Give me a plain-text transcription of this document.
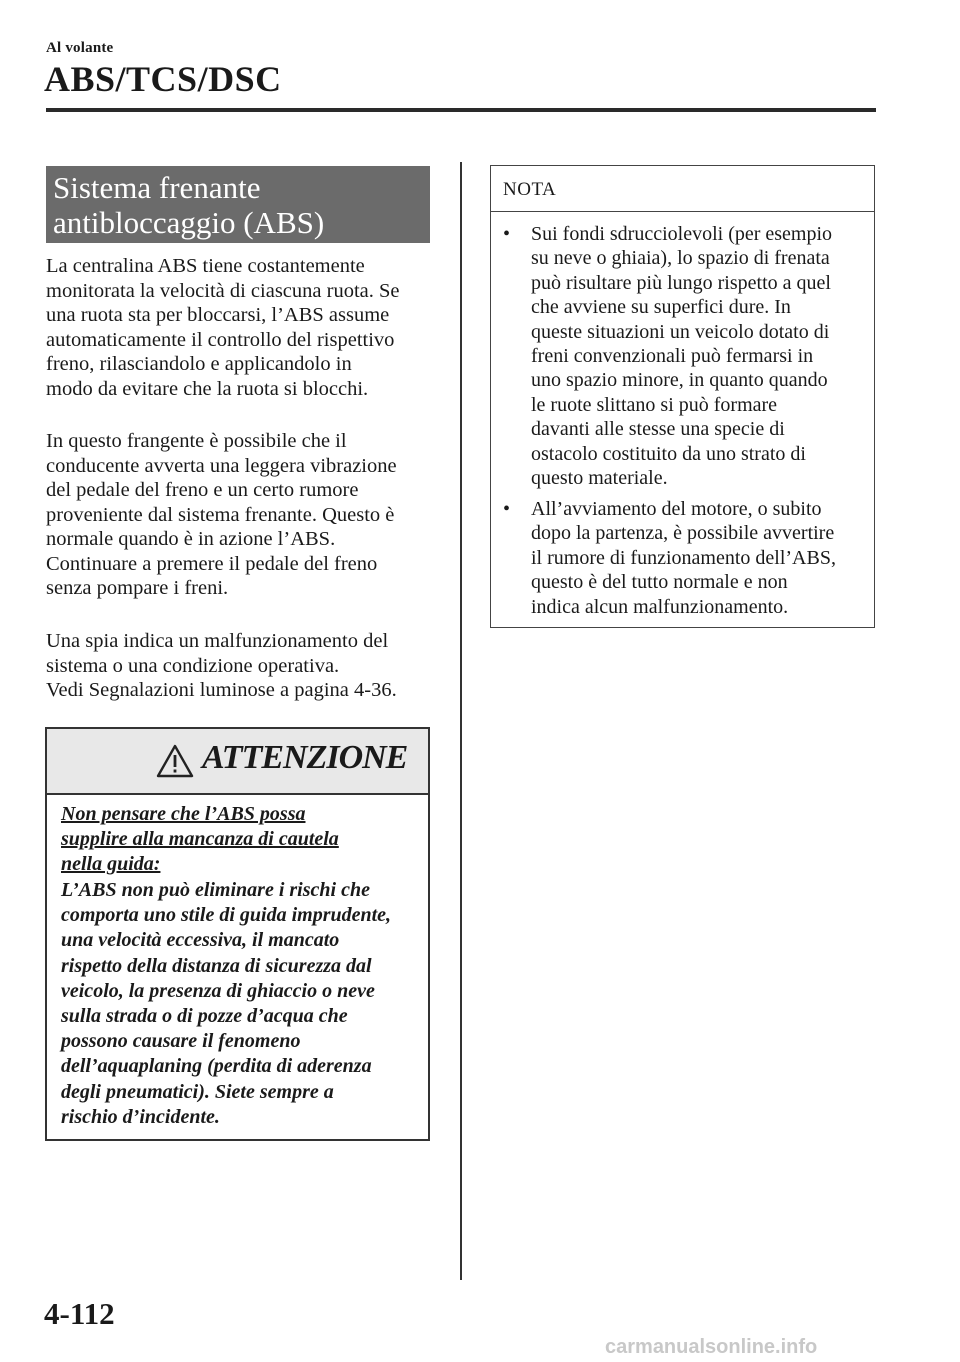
Al volante
ABS/TCS/DSC
Sistema frenante
antibloccaggio (ABS)
La centralina ABS tiene costantemente
monitorata la velocità di ciascuna ruota. Se
una ruota sta per bloccarsi, l’ABS assume
automaticamente il controllo del rispettivo
freno, rilasciandolo e applicandolo in
modo da evitare che la ruota si blocchi.
In questo frangente è possibile che il
conducente avverta una leggera vibrazione
del pedale del freno e un certo rumore
proveniente dal sistema frenante. Questo è
normale quando è in azione l’ABS.
Continuare a premere il pedale del freno
senza pompare i freni.
Una spia indica un malfunzionamento del
sistema o una condizione operativa.
Vedi Segnalazioni luminose a pagina 4-36.
ATTENZIONE
Non pensare che l’ABS possa
supplire alla mancanza di cautela
nella guida:
L’ABS non può eliminare i rischi che
comporta uno stile di guida imprudente,
una velocità eccessiva, il mancato
rispetto della distanza di sicurezza dal
veicolo, la presenza di ghiaccio o neve
sulla strada o di pozze d’acqua che
possono causare il fenomeno
dell’aquaplaning (perdita di aderenza
degli pneumatici). Siete sempre a
rischio d’incidente.
NOTA
•	Sui fondi sdrucciolevoli (per esempio
su neve o ghiaia), lo spazio di frenata
può risultare più lungo rispetto a quel
che avviene su superfici dure. In
queste situazioni un veicolo dotato di
freni convenzionali può fermarsi in
uno spazio minore, in quanto quando
le ruote slittano si può formare
davanti alle stesse una specie di
ostacolo costituito da uno strato di
questo materiale.
•	All’avviamento del motore, o subito
dopo la partenza, è possibile avvertire
il rumore di funzionamento dell’ABS,
questo è del tutto normale e non
indica alcun malfunzionamento.
4-112
carmanualsonline.info
